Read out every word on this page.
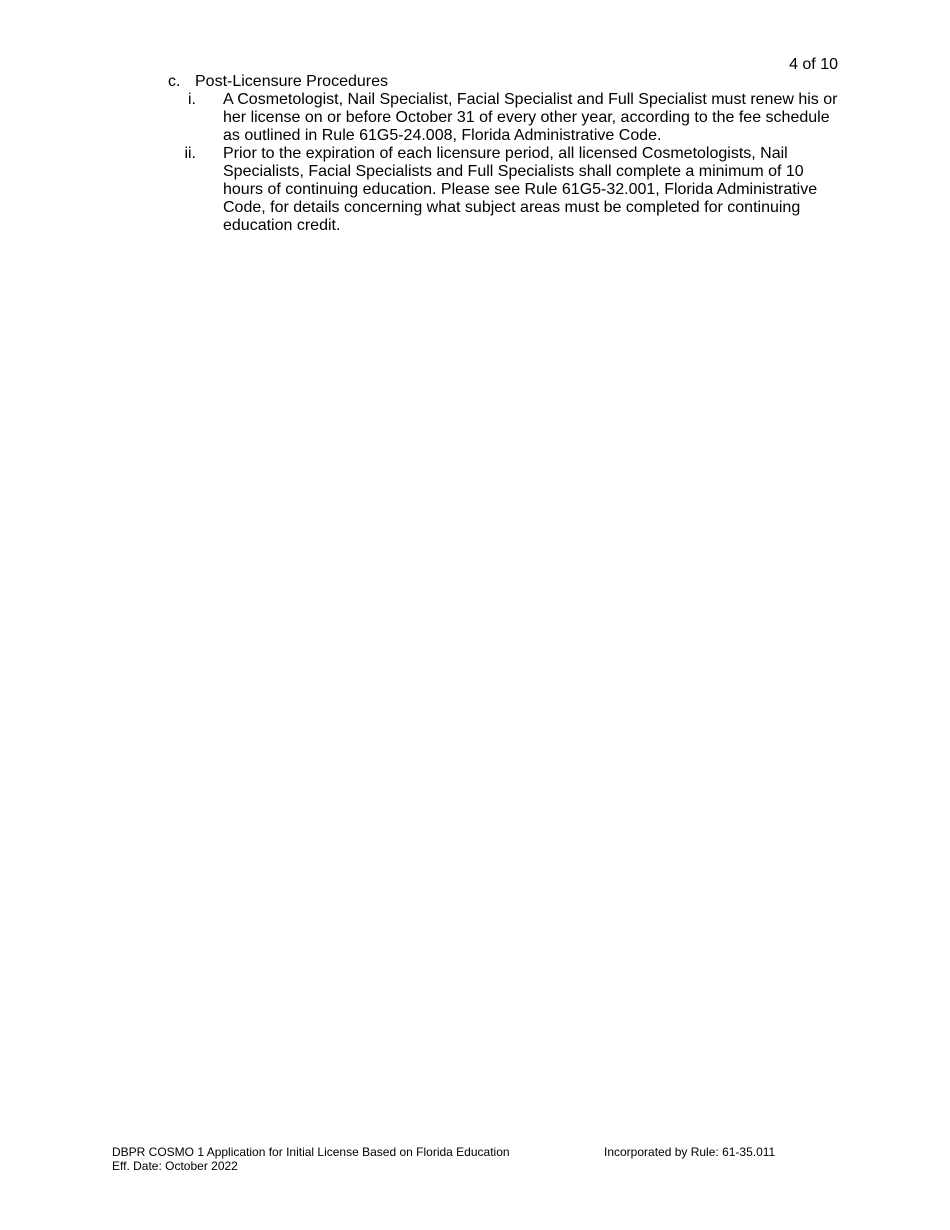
4 of 10
c. Post-Licensure Procedures
i.	A Cosmetologist, Nail Specialist, Facial Specialist and Full Specialist must renew his or her license on or before October 31 of every other year, according to the fee schedule as outlined in Rule 61G5-24.008, Florida Administrative Code.
ii.	Prior to the expiration of each licensure period, all licensed Cosmetologists, Nail Specialists, Facial Specialists and Full Specialists shall complete a minimum of 10 hours of continuing education. Please see Rule 61G5-32.001, Florida Administrative Code, for details concerning what subject areas must be completed for continuing education credit.
DBPR COSMO 1 Application for Initial License Based on Florida Education	Incorporated by Rule: 61-35.011
Eff. Date: October 2022
